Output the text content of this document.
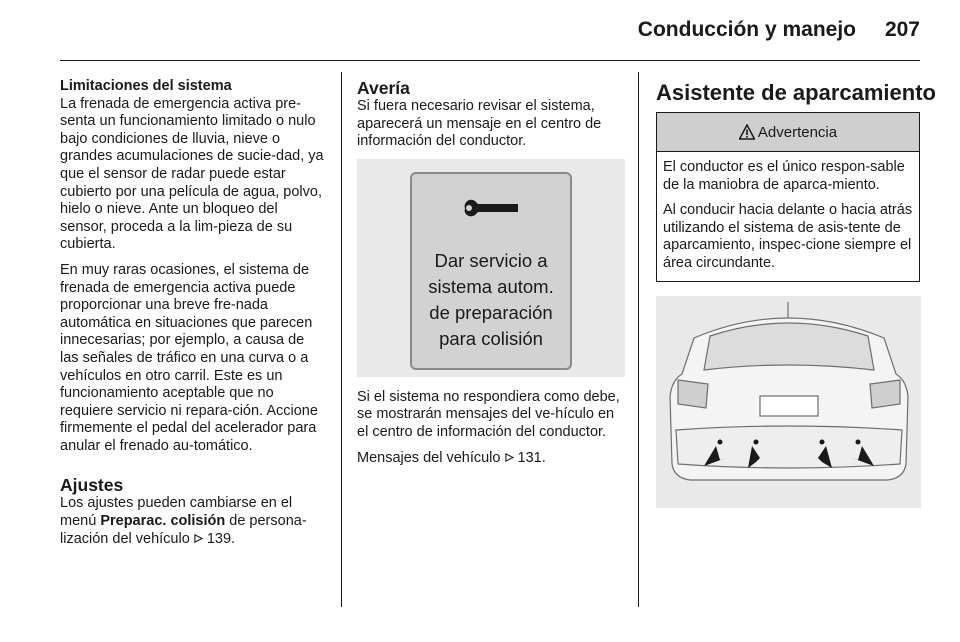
Conducción y manejo 207

Limitaciones del sistema

La frenada de emergencia activa pre-senta un funcionamiento limitado o nulo bajo condiciones de lluvia, nieve o grandes acumulaciones de sucie-dad, ya que el sensor de radar puede estar cubierto por una película de agua, polvo, hielo o nieve. Ante un bloqueo del sensor, proceda a la lim-pieza de su cubierta.

En muy raras ocasiones, el sistema de frenada de emergencia activa puede proporcionar una breve fre-nada automática en situaciones que parecen innecesarias; por ejemplo, a causa de las señales de tráfico en una curva o a vehículos en otro carril. Este es un funcionamiento aceptable que no requiere servicio ni repara-ción. Accione firmemente el pedal del acelerador para anular el frenado au-tomático.

Ajustes

Los ajustes pueden cambiarse en el menú Preparac. colisión de persona-lización del vehículo  139.

Avería

Si fuera necesario revisar el sistema, aparecerá un mensaje en el centro de información del conductor.

Dar servicio a
sistema autom.
de preparación
para colisión

Si el sistema no respondiera como debe, se mostrarán mensajes del ve-hículo en el centro de información del conductor.

Mensajes del vehículo  131.

Asistente de aparcamiento

Advertencia

El conductor es el único respon-sable de la maniobra de aparca-miento.

Al conducir hacia delante o hacia atrás utilizando el sistema de asis-tente de aparcamiento, inspec-cione siempre el área circundante.
